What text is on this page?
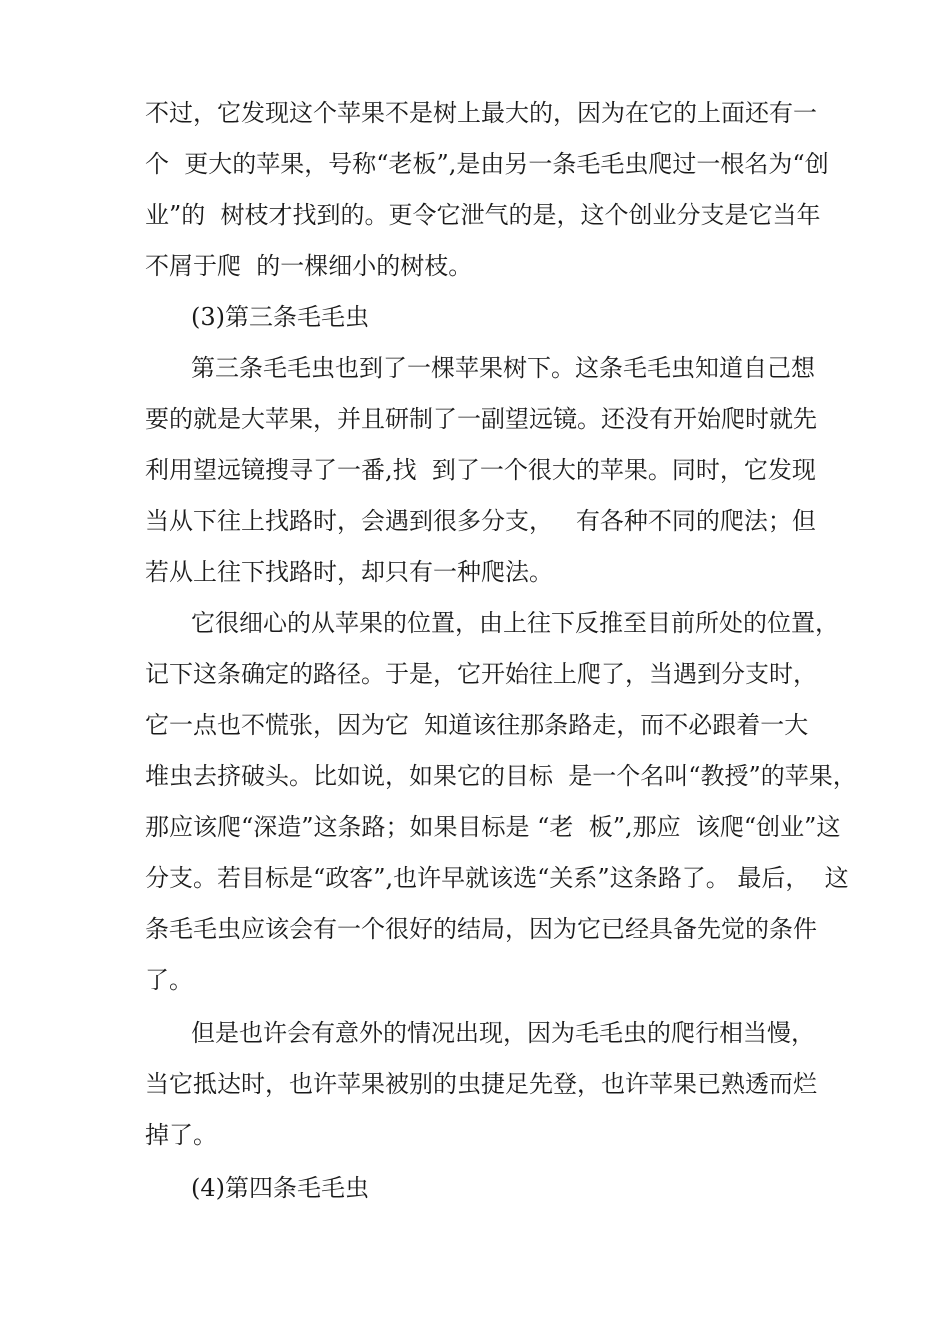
不过，它发现这个苹果不是树上最大的，因为在它的上面还有一
个  更大的苹果，号称“老板”,是由另一条毛毛虫爬过一根名为“创
业”的  树枝才找到的。更令它泄气的是，这个创业分支是它当年
不屑于爬  的一棵细小的树枝。
(3)第三条毛毛虫
第三条毛毛虫也到了一棵苹果树下。这条毛毛虫知道自己想
要的就是大苹果，并且研制了一副望远镜。还没有开始爬时就先
利用望远镜搜寻了一番,找  到了一个很大的苹果。同时，它发现
当从下往上找路时，会遇到很多分支，   有各种不同的爬法；但
若从上往下找路时，却只有一种爬法。
它很细心的从苹果的位置，由上往下反推至目前所处的位置，
记下这条确定的路径。于是，它开始往上爬了，当遇到分支时，
它一点也不慌张，因为它  知道该往那条路走，而不必跟着一大
堆虫去挤破头。比如说，如果它的目标  是一个名叫“教授”的苹果，
那应该爬“深造”这条路；如果目标是 “老  板”,那应  该爬“创业”这
分支。若目标是“政客”,也许早就该选“关系”这条路了。 最后，  这
条毛毛虫应该会有一个很好的结局，因为它已经具备先觉的条件
了。
但是也许会有意外的情况出现，因为毛毛虫的爬行相当慢，
当它抵达时，也许苹果被别的虫捷足先登，也许苹果已熟透而烂
掉了。
(4)第四条毛毛虫
